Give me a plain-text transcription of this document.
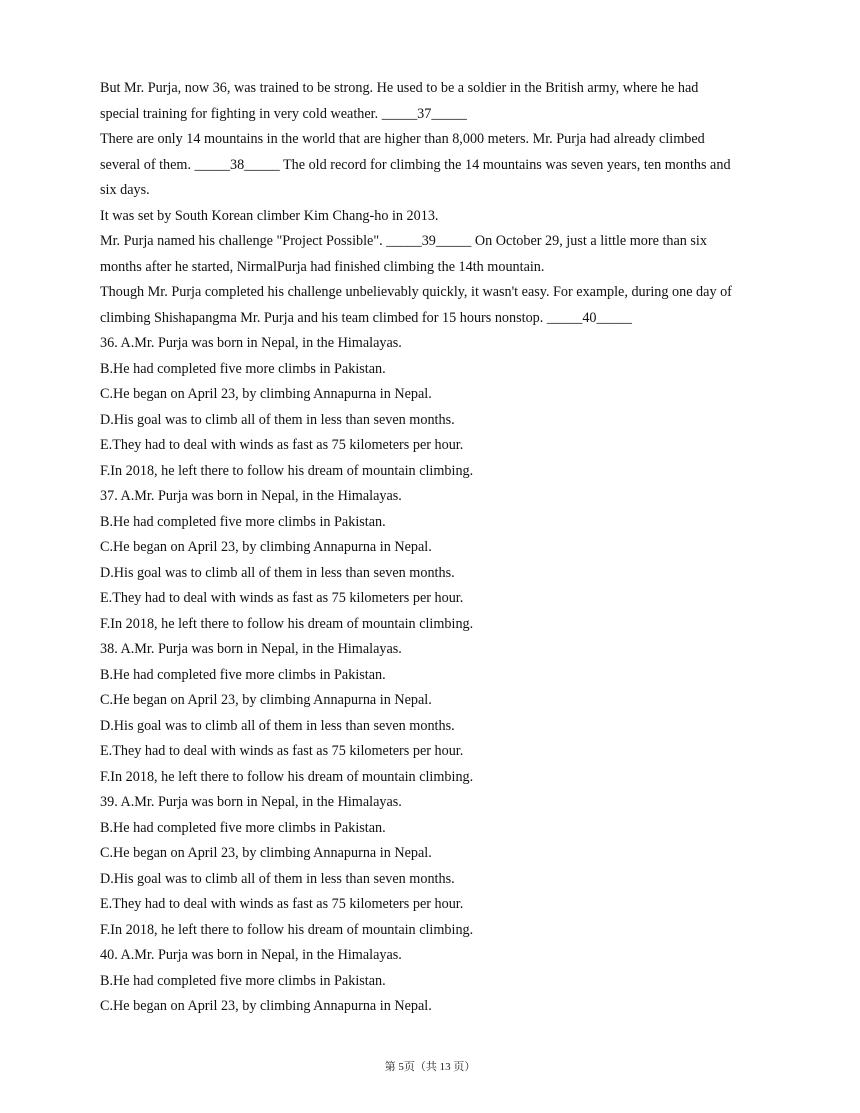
But Mr. Purja, now 36, was trained to be strong. He used to be a soldier in the British army, where he had
special training for fighting in very cold weather. _____37_____
There are only 14 mountains in the world that are higher than 8,000 meters. Mr. Purja had already climbed
several of them. _____38_____ The old record for climbing the 14 mountains was seven years, ten months and
six days.
It was set by South Korean climber Kim Chang-ho in 2013.
Mr. Purja named his challenge "Project Possible". _____39_____ On October 29, just a little more than six
months after he started, NirmalPurja had finished climbing the 14th mountain.
Though Mr. Purja completed his challenge unbelievably quickly, it wasn't easy. For example, during one day of
climbing Shishapangma Mr. Purja and his team climbed for 15 hours nonstop. _____40_____
36. A.Mr. Purja was born in Nepal, in the Himalayas.
B.He had completed five more climbs in Pakistan.
C.He began on April 23, by climbing Annapurna in Nepal.
D.His goal was to climb all of them in less than seven months.
E.They had to deal with winds as fast as 75 kilometers per hour.
F.In 2018, he left there to follow his dream of mountain climbing.
37. A.Mr. Purja was born in Nepal, in the Himalayas.
B.He had completed five more climbs in Pakistan.
C.He began on April 23, by climbing Annapurna in Nepal.
D.His goal was to climb all of them in less than seven months.
E.They had to deal with winds as fast as 75 kilometers per hour.
F.In 2018, he left there to follow his dream of mountain climbing.
38. A.Mr. Purja was born in Nepal, in the Himalayas.
B.He had completed five more climbs in Pakistan.
C.He began on April 23, by climbing Annapurna in Nepal.
D.His goal was to climb all of them in less than seven months.
E.They had to deal with winds as fast as 75 kilometers per hour.
F.In 2018, he left there to follow his dream of mountain climbing.
39. A.Mr. Purja was born in Nepal, in the Himalayas.
B.He had completed five more climbs in Pakistan.
C.He began on April 23, by climbing Annapurna in Nepal.
D.His goal was to climb all of them in less than seven months.
E.They had to deal with winds as fast as 75 kilometers per hour.
F.In 2018, he left there to follow his dream of mountain climbing.
40. A.Mr. Purja was born in Nepal, in the Himalayas.
B.He had completed five more climbs in Pakistan.
C.He began on April 23, by climbing Annapurna in Nepal.
第 5页（共 13 页）
